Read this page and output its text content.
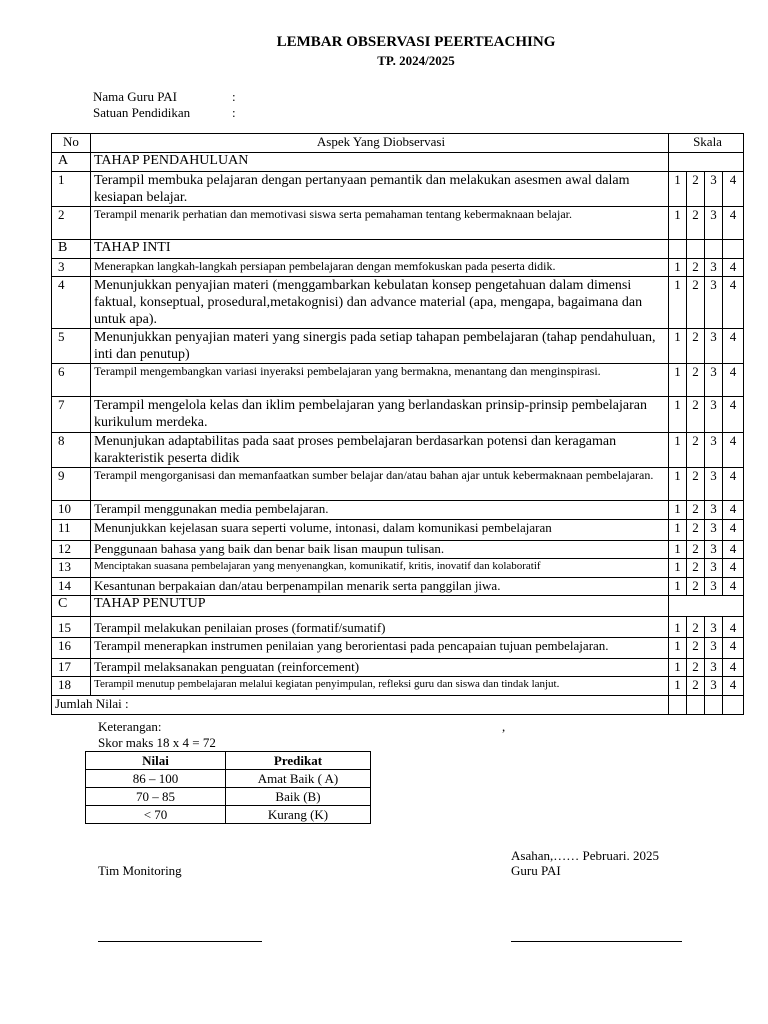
LEMBAR OBSERVASI PEERTEACHING
TP. 2024/2025
Nama Guru PAI	:
Satuan Pendidikan	:
No	Aspek Yang Diobservasi	Skala			
A	TAHAP PENDAHULUAN				
1	Terampil membuka pelajaran dengan pertanyaan pemantik dan melakukan asesmen awal dalam kesiapan belajar.	1	2	3	4
2	Terampil menarik perhatian dan memotivasi siswa serta pemahaman tentang kebermaknaan belajar.	1	2	3	4
B	TAHAP INTI				
3	Menerapkan langkah-langkah persiapan pembelajaran dengan memfokuskan pada peserta didik.	1	2	3	4
4	Menunjukkan penyajian materi (menggambarkan kebulatan konsep pengetahuan dalam dimensi faktual, konseptual, prosedural,metakognisi) dan advance material (apa, mengapa, bagaimana dan untuk apa).	1	2	3	4
5	Menunjukkan penyajian materi yang sinergis pada setiap tahapan pembelajaran (tahap pendahuluan, inti dan penutup)	1	2	3	4
6	Terampil mengembangkan variasi inyeraksi pembelajaran yang bermakna, menantang dan menginspirasi.	1	2	3	4
7	Terampil mengelola kelas dan iklim pembelajaran yang berlandaskan prinsip-prinsip pembelajaran kurikulum merdeka.	1	2	3	4
8	Menunjukan adaptabilitas pada saat proses pembelajaran berdasarkan potensi dan keragaman karakteristik peserta didik	1	2	3	4
9	Terampil mengorganisasi dan memanfaatkan sumber belajar dan/atau bahan ajar untuk kebermaknaan pembelajaran.	1	2	3	4
10	Terampil menggunakan media pembelajaran.	1	2	3	4
11	Menunjukkan kejelasan suara seperti volume, intonasi, dalam komunikasi pembelajaran	1	2	3	4
12	Penggunaan bahasa yang baik dan benar baik lisan maupun tulisan.	1	2	3	4
13	Menciptakan suasana pembelajaran yang menyenangkan, komunikatif, kritis, inovatif dan kolaboratif	1	2	3	4
14	Kesantunan berpakaian dan/atau berpenampilan menarik serta panggilan jiwa.	1	2	3	4
C	TAHAP PENUTUP				
15	Terampil melakukan penilaian proses (formatif/sumatif)	1	2	3	4
16	Terampil menerapkan instrumen penilaian yang berorientasi pada pencapaian tujuan pembelajaran.	1	2	3	4
17	Terampil melaksanakan penguatan (reinforcement)	1	2	3	4
18	Terampil menutup pembelajaran melalui kegiatan penyimpulan, refleksi guru dan siswa dan tindak lanjut.	1	2	3	4
Jumlah Nilai :					
Keterangan:	,
Skor maks 18 x 4 = 72
Nilai	Predikat
86 – 100	Amat Baik ( A)
70 – 85	Baik (B)
< 70	Kurang (K)
Asahan,…… Pebruari. 2025
Tim Monitoring	Guru PAI
